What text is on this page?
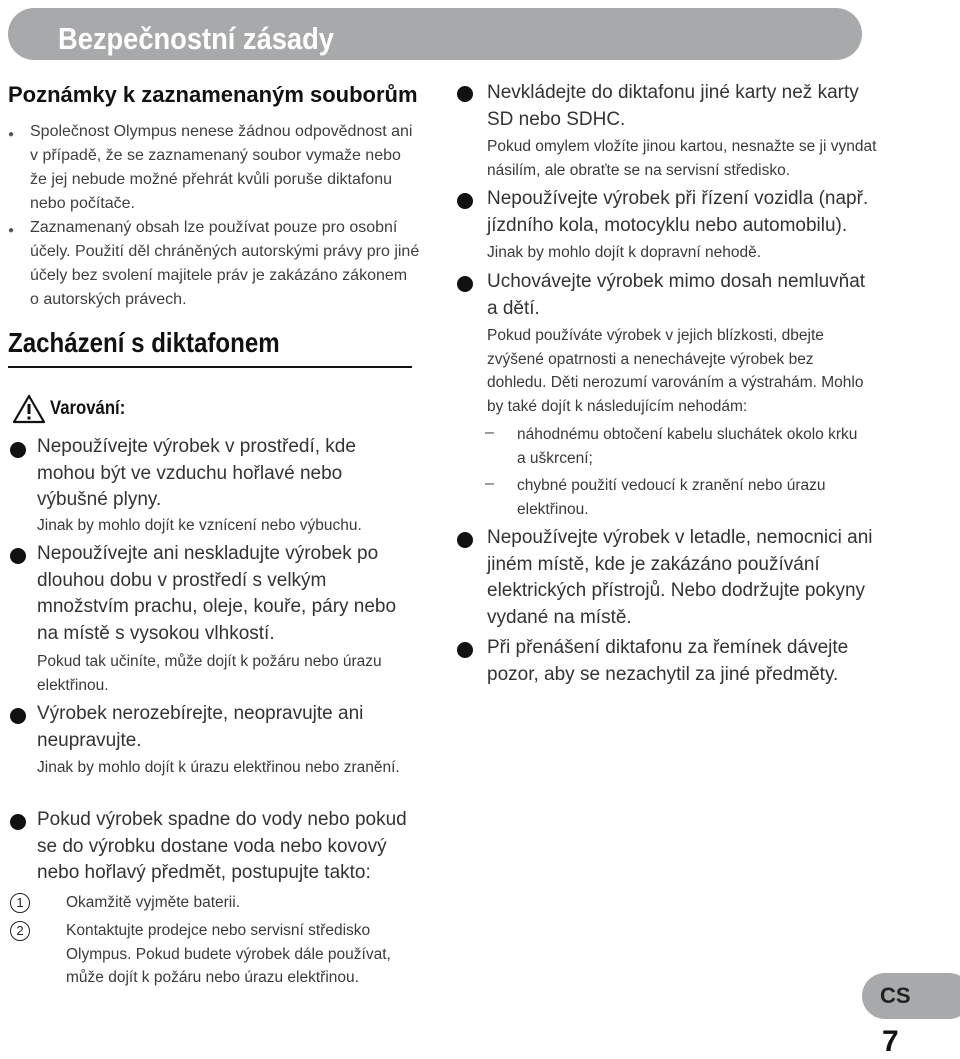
Bezpečnostní zásady
Poznámky k zaznamenaným souborům
● Společnost Olympus nenese žádnou odpovědnost ani v případě, že se zaznamenaný soubor vymaže nebo že jej nebude možné přehrát kvůli poruše diktafonu nebo počítače.
● Zaznamenaný obsah lze používat pouze pro osobní účely. Použití děl chráněných autorskými právy pro jiné účely bez svolení majitele práv je zakázáno zákonem o autorských právech.
Zacházení s diktafonem
Varování:
Nepoužívejte výrobek v prostředí, kde mohou být ve vzduchu hořlavé nebo výbušné plyny.
Jinak by mohlo dojít ke vznícení nebo výbuchu.
Nepoužívejte ani neskladujte výrobek po dlouhou dobu v prostředí s velkým množstvím prachu, oleje, kouře, páry nebo na místě s vysokou vlhkostí.
Pokud tak učiníte, může dojít k požáru nebo úrazu elektřinou.
Výrobek nerozebírejte, neopravujte ani neupravujte.
Jinak by mohlo dojít k úrazu elektřinou nebo zranění.
Pokud výrobek spadne do vody nebo pokud se do výrobku dostane voda nebo kovový nebo hořlavý předmět, postupujte takto:
1	Okamžitě vyjměte baterii.
2	Kontaktujte prodejce nebo servisní středisko Olympus. Pokud budete výrobek dále používat, může dojít k požáru nebo úrazu elektřinou.
Nevkládejte do diktafonu jiné karty než karty SD nebo SDHC.
Pokud omylem vložíte jinou kartou, nesnažte se ji vyndat násilím, ale obraťte se na servisní středisko.
Nepoužívejte výrobek při řízení vozidla (např. jízdního kola, motocyklu nebo automobilu).
Jinak by mohlo dojít k dopravní nehodě.
Uchovávejte výrobek mimo dosah nemluvňat a dětí.
Pokud používáte výrobek v jejich blízkosti, dbejte zvýšené opatrnosti a nenechávejte výrobek bez dohledu. Děti nerozumí varováním a výstrahám. Mohlo by také dojít k následujícím nehodám:
– náhodnému obtočení kabelu sluchátek okolo krku a uškrcení;
– chybné použití vedoucí k zranění nebo úrazu elektřinou.
Nepoužívejte výrobek v letadle, nemocnici ani jiném místě, kde je zakázáno používání elektrických přístrojů. Nebo dodržujte pokyny vydané na místě.
Při přenášení diktafonu za řemínek dávejte pozor, aby se nezachytil za jiné předměty.
CS
7
